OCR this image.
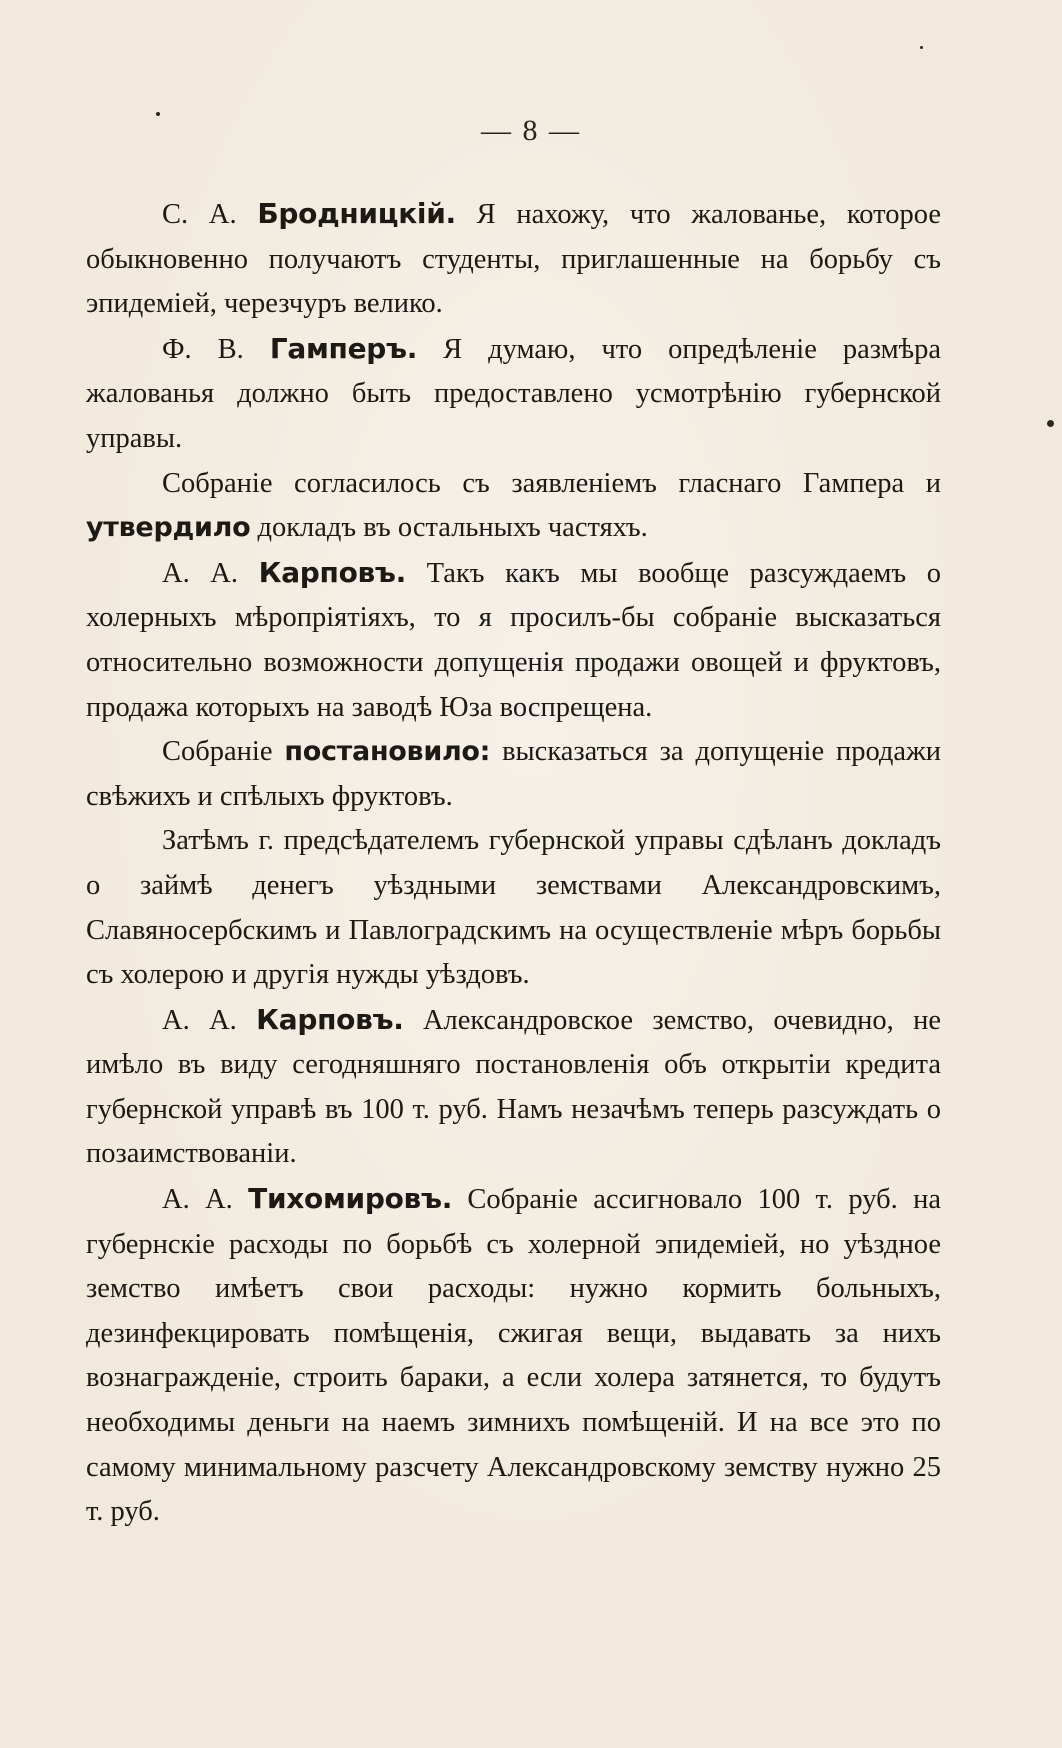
— 8 —

С. А. Бродницкій. Я нахожу, что жалованье, которое обыкновенно получаютъ студенты, приглашенные на борьбу съ эпидеміей, черезчуръ велико.

Ф. В. Гамперъ. Я думаю, что опредѣленіе размѣра жалованья должно быть предоставлено усмотрѣнію губернской управы.

Собраніе согласилось съ заявленіемъ гласнаго Гампера и утвердило докладъ въ остальныхъ частяхъ.

А. А. Карповъ. Такъ какъ мы вообще разсуждаемъ о холерныхъ мѣропріятіяхъ, то я просилъ-бы собраніе высказаться относительно возможности допущенія продажи овощей и фруктовъ, продажа которыхъ на заводѣ Юза воспрещена.

Собраніе постановило: высказаться за допущеніе продажи свѣжихъ и спѣлыхъ фруктовъ.

Затѣмъ г. предсѣдателемъ губернской управы сдѣланъ докладъ о займѣ денегъ уѣздными земствами Александровскимъ, Славяносербскимъ и Павлоградскимъ на осуществленіе мѣръ борьбы съ холерою и другія нужды уѣздовъ.

А. А. Карповъ. Александровское земство, очевидно, не имѣло въ виду сегодняшняго постановленія объ открытіи кредита губернской управѣ въ 100 т. руб. Намъ незачѣмъ теперь разсуждать о позаимствованіи.

А. А. Тихомировъ. Собраніе ассигновало 100 т. руб. на губернскіе расходы по борьбѣ съ холерной эпидеміей, но уѣздное земство имѣетъ свои расходы: нужно кормить больныхъ, дезинфекцировать помѣщенія, сжигая вещи, выдавать за нихъ вознагражденіе, строить бараки, а если холера затянется, то будутъ необходимы деньги на наемъ зимнихъ помѣщеній. И на все это по самому минимальному разсчету Александровскому земству нужно 25 т. руб.
